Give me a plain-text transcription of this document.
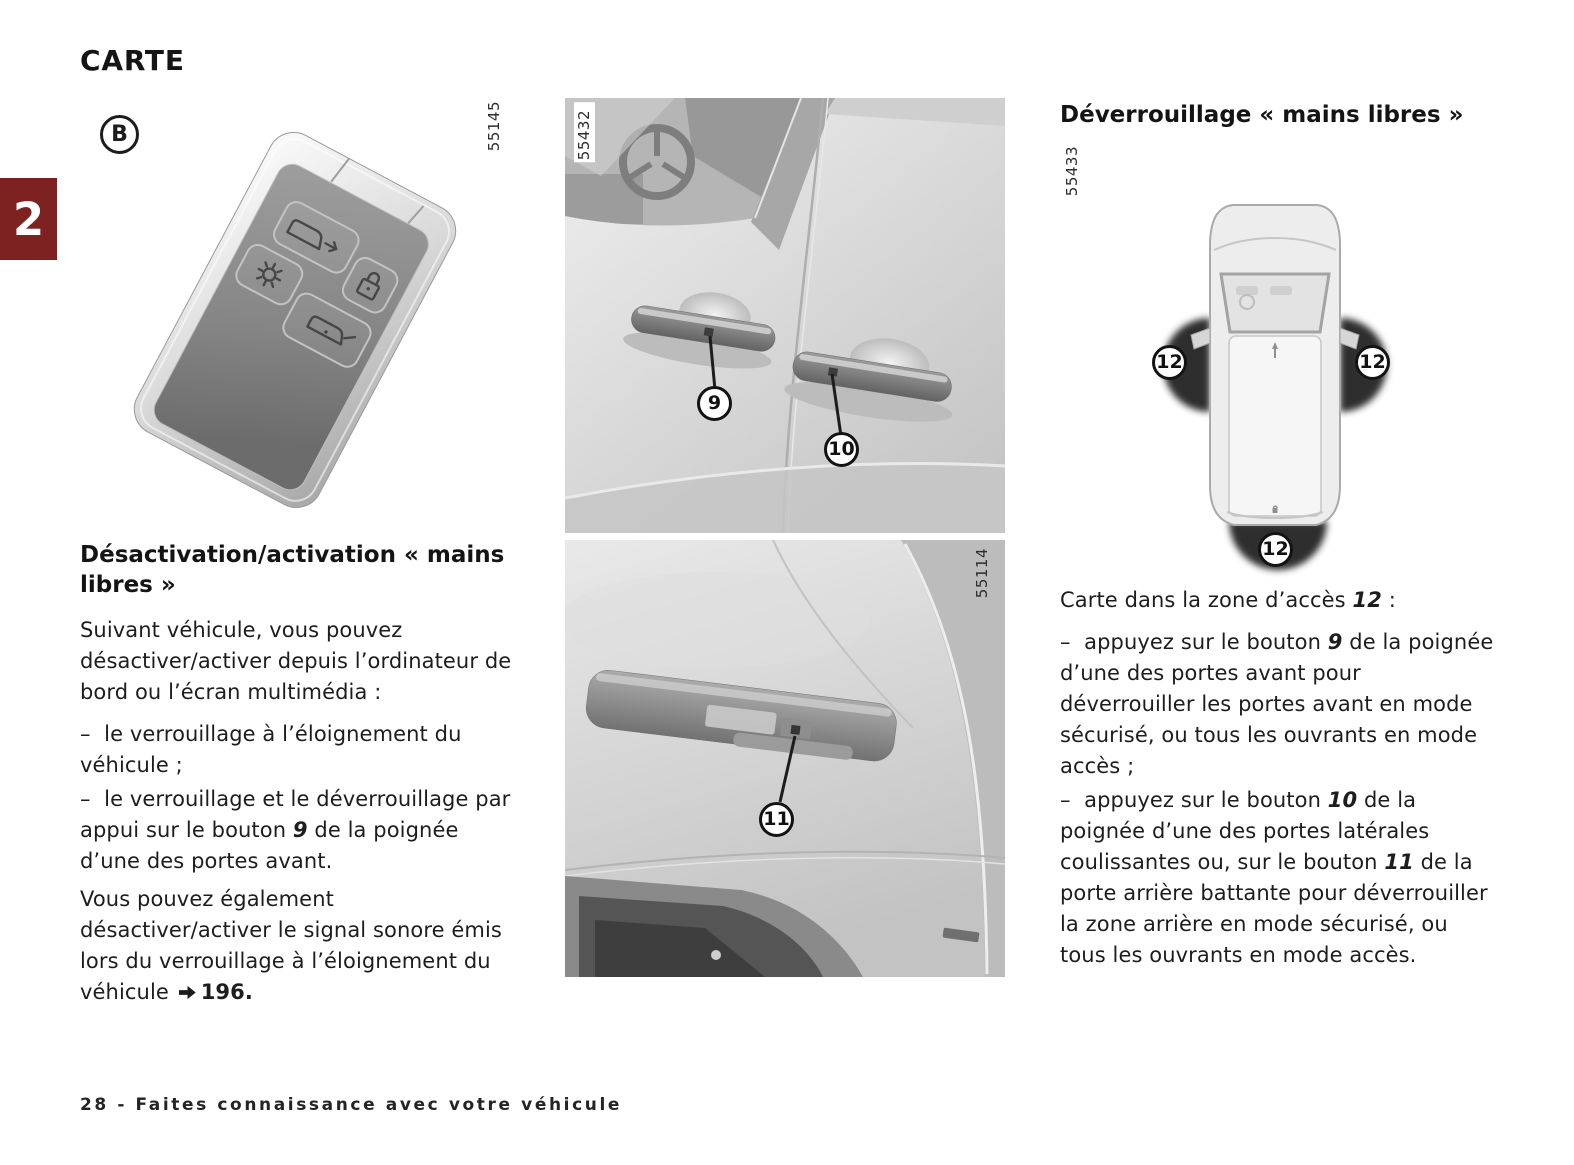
2
CARTE
B	55145	55432
9
10
55114
11
Déverrouillage « mains libres »
55433
12	12
12
Désactivation/activation « mains libres »

Suivant véhicule, vous pouvez désactiver/activer depuis l’ordinateur de bord ou l’écran multimédia :

–  le verrouillage à l’éloignement du véhicule ;

–  le verrouillage et le déverrouillage par appui sur le bouton 9 de la poignée d’une des portes avant.

Vous pouvez également désactiver/activer le signal sonore émis lors du verrouillage à l’éloignement du véhicule 196.

Carte dans la zone d’accès 12 :

–  appuyez sur le bouton 9 de la poignée d’une des portes avant pour déverrouiller les portes avant en mode sécurisé, ou tous les ouvrants en mode accès ;

–  appuyez sur le bouton 10 de la poignée d’une des portes latérales coulissantes ou, sur le bouton 11 de la porte arrière battante pour déverrouiller la zone arrière en mode sécurisé, ou tous les ouvrants en mode accès.

28 - Faites connaissance avec votre véhicule
